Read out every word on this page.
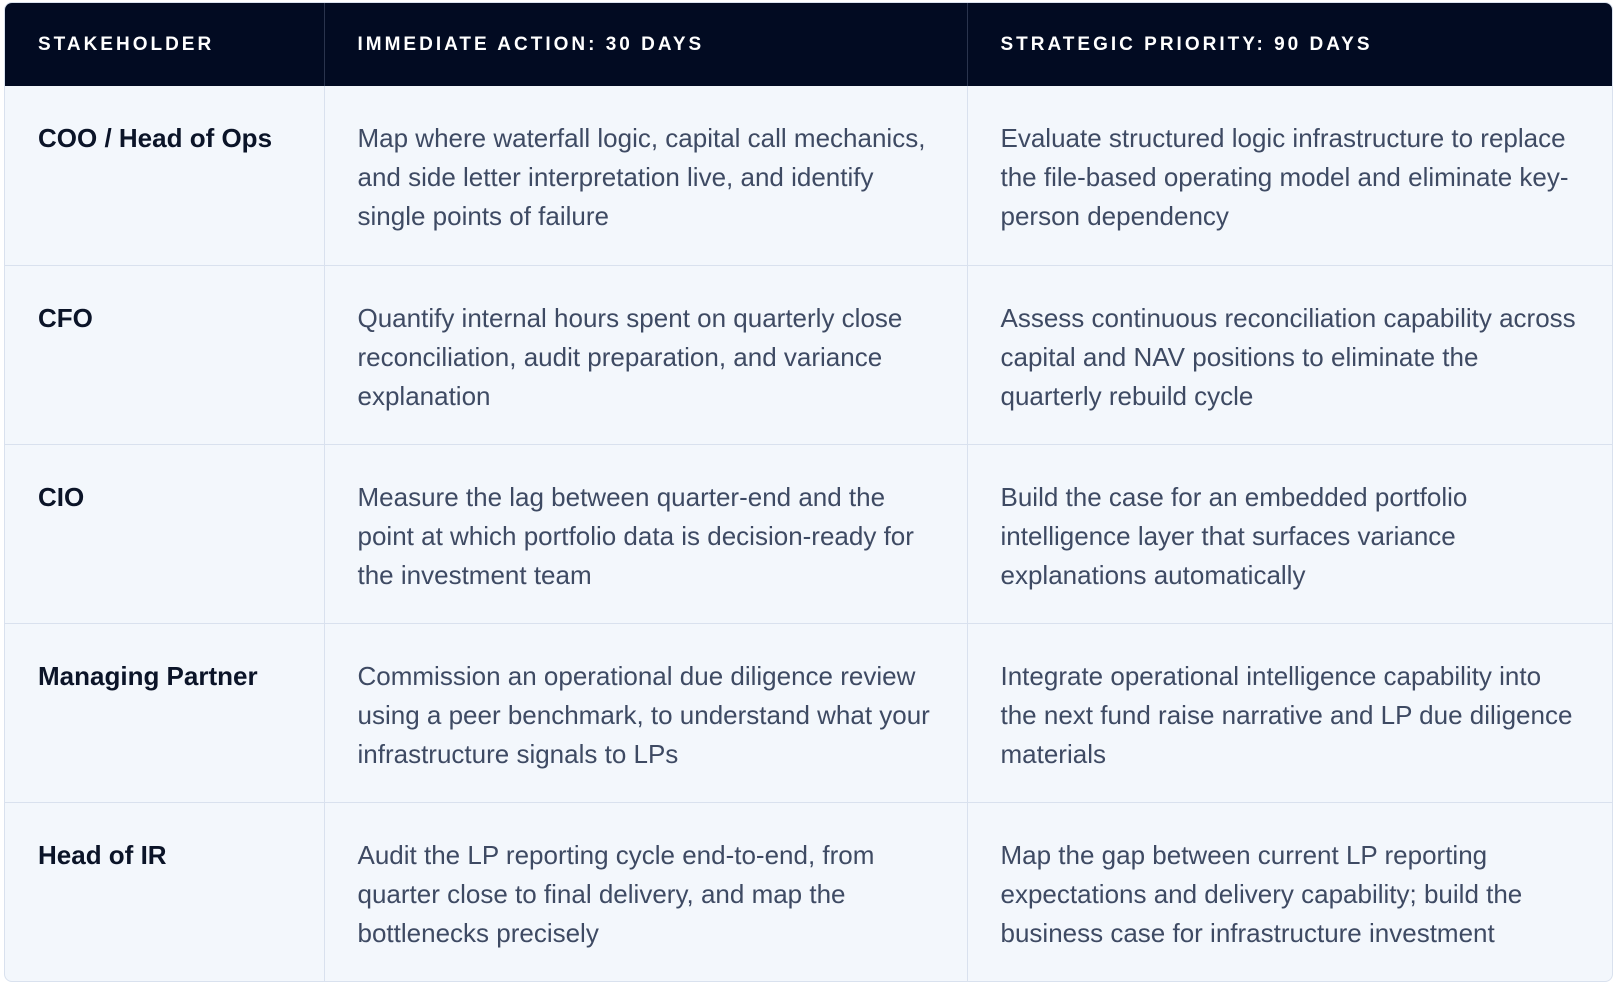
STAKEHOLDER	IMMEDIATE ACTION: 30 DAYS	STRATEGIC PRIORITY: 90 DAYS
COO / Head of Ops	Map where waterfall logic, capital call mechanics, and side letter interpretation live, and identify single points of failure	Evaluate structured logic infrastructure to replace the file-based operating model and eliminate key-person dependency
CFO	Quantify internal hours spent on quarterly close reconciliation, audit preparation, and variance explanation	Assess continuous reconciliation capability across capital and NAV positions to eliminate the quarterly rebuild cycle
CIO	Measure the lag between quarter-end and the point at which portfolio data is decision-ready for the investment team	Build the case for an embedded portfolio intelligence layer that surfaces variance explanations automatically
Managing Partner	Commission an operational due diligence review using a peer benchmark, to understand what your infrastructure signals to LPs	Integrate operational intelligence capability into the next fund raise narrative and LP due diligence materials
Head of IR	Audit the LP reporting cycle end-to-end, from quarter close to final delivery, and map the bottlenecks precisely	Map the gap between current LP reporting expectations and delivery capability; build the business case for infrastructure investment
